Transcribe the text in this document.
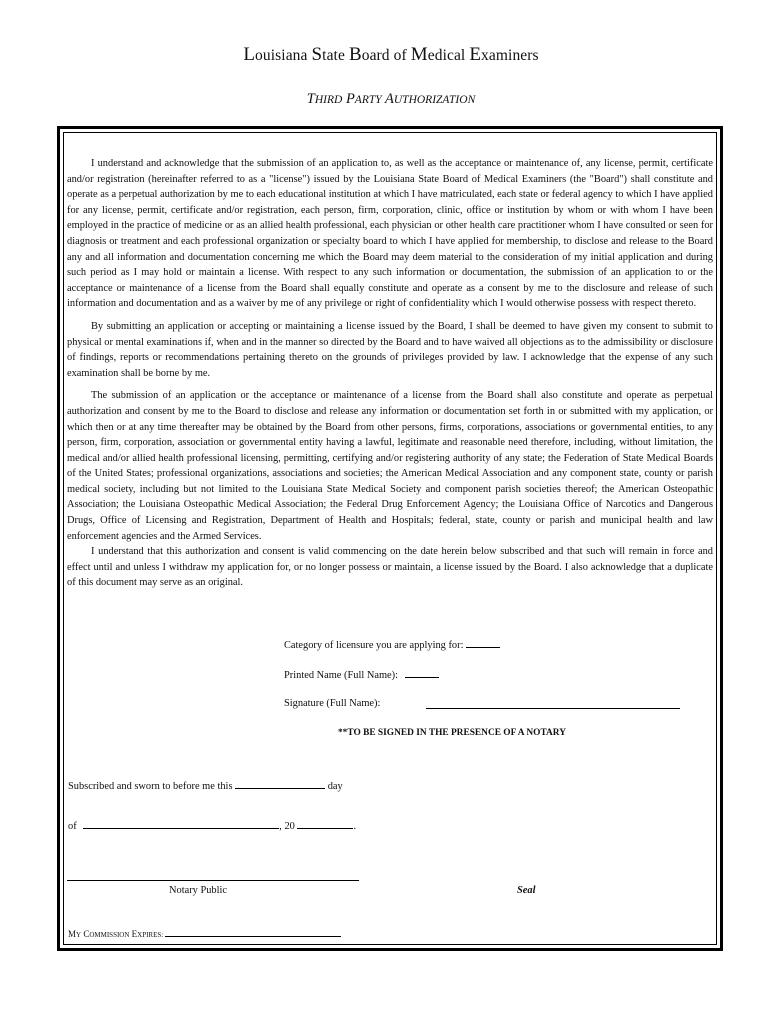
Louisiana State Board of Medical Examiners
THIRD PARTY AUTHORIZATION

I understand and acknowledge that the submission of an application to, as well as the acceptance or maintenance of, any license, permit, certificate and/or registration (hereinafter referred to as a "license") issued by the Louisiana State Board of Medical Examiners (the "Board") shall constitute and operate as a perpetual authorization by me to each educational institution at which I have matriculated, each state or federal agency to which I have applied for any license, permit, certificate and/or registration, each person, firm, corporation, clinic, office or institution by whom or with whom I have been employed in the practice of medicine or as an allied health professional, each physician or other health care practitioner whom I have consulted or seen for diagnosis or treatment and each professional organization or specialty board to which I have applied for membership, to disclose and release to the Board any and all information and documentation concerning me which the Board may deem material to the consideration of my initial application and during such period as I may hold or maintain a license. With respect to any such information or documentation, the submission of an application to or the acceptance or maintenance of a license from the Board shall equally constitute and operate as a consent by me to the disclosure and release of such information and documentation and as a waiver by me of any privilege or right of confidentiality which I would otherwise possess with respect thereto.

By submitting an application or accepting or maintaining a license issued by the Board, I shall be deemed to have given my consent to submit to physical or mental examinations if, when and in the manner so directed by the Board and to have waived all objections as to the admissibility or disclosure of findings, reports or recommendations pertaining thereto on the grounds of privileges provided by law. I acknowledge that the expense of any such examination shall be borne by me.

The submission of an application or the acceptance or maintenance of a license from the Board shall also constitute and operate as perpetual authorization and consent by me to the Board to disclose and release any information or documentation set forth in or submitted with my application, or which then or at any time thereafter may be obtained by the Board from other persons, firms, corporations, associations or governmental entities, to any person, firm, corporation, association or governmental entity having a lawful, legitimate and reasonable need therefore, including, without limitation, the medical and/or allied health professional licensing, permitting, certifying and/or registering authority of any state; the Federation of State Medical Boards of the United States; professional organizations, associations and societies; the American Medical Association and any component state, county or parish medical society, including but not limited to the Louisiana State Medical Society and component parish societies thereof; the American Osteopathic Association; the Louisiana Osteopathic Medical Association; the Federal Drug Enforcement Agency; the Louisiana Office of Narcotics and Dangerous Drugs, Office of Licensing and Registration, Department of Health and Hospitals; federal, state, county or parish and municipal health and law enforcement agencies and the Armed Services.

I understand that this authorization and consent is valid commencing on the date herein below subscribed and that such will remain in force and effect until and unless I withdraw my application for, or no longer possess or maintain, a license issued by the Board. I also acknowledge that a duplicate of this document may serve as an original.

Category of licensure you are applying for:
Printed Name (Full Name):
Signature (Full Name):
**TO BE SIGNED IN THE PRESENCE OF A NOTARY
Subscribed and sworn to before me this	day
of	, 20	.
Notary Public	Seal
MY COMMISSION EXPIRES:
